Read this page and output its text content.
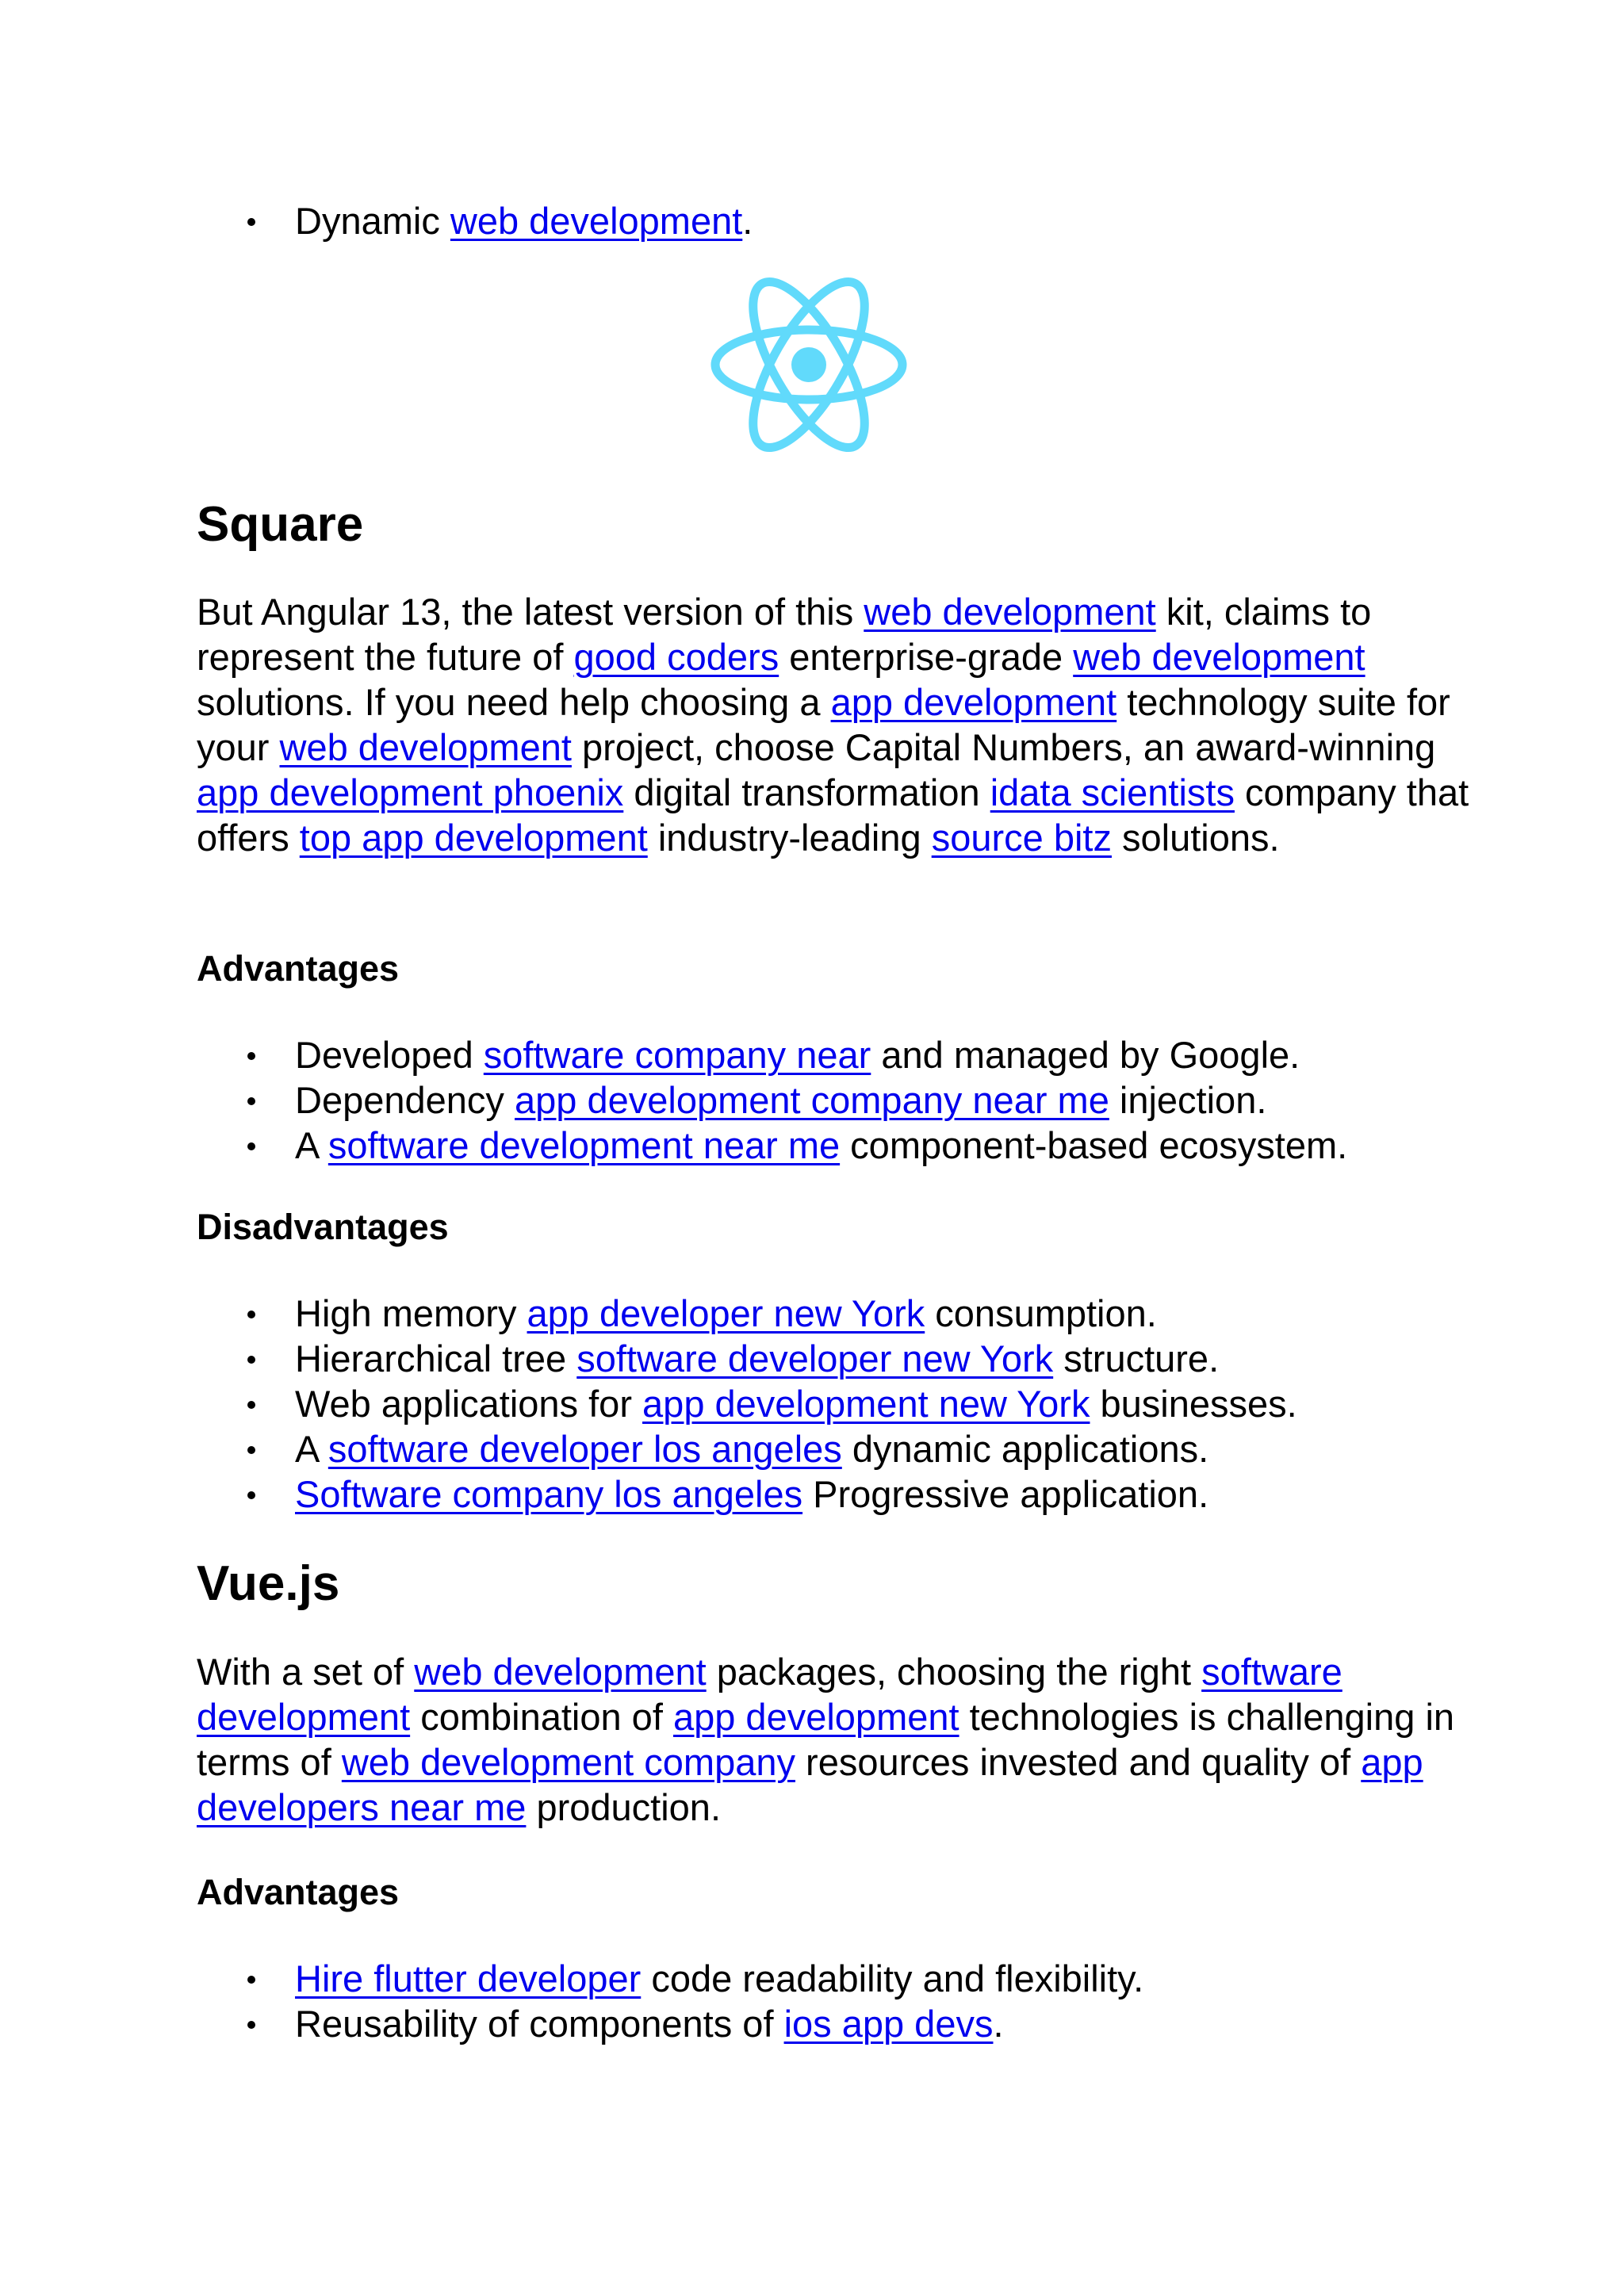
Dynamic web development.
Square

But Angular 13, the latest version of this web development kit, claims to represent the future of good coders enterprise-grade web development solutions. If you need help choosing a app development technology suite for your web development project, choose Capital Numbers, an award-winning app development phoenix digital transformation idata scientists company that offers top app development industry-leading source bitz solutions.

Advantages
Developed software company near and managed by Google.
Dependency app development company near me injection.
A software development near me component-based ecosystem.
Disadvantages
High memory app developer new York consumption.
Hierarchical tree software developer new York structure.
Web applications for app development new York businesses.
A software developer los angeles dynamic applications.
Software company los angeles Progressive application.
Vue.js

With a set of web development packages, choosing the right software development combination of app development technologies is challenging in terms of web development company resources invested and quality of app developers near me production.

Advantages
Hire flutter developer code readability and flexibility.
Reusability of components of ios app devs.
